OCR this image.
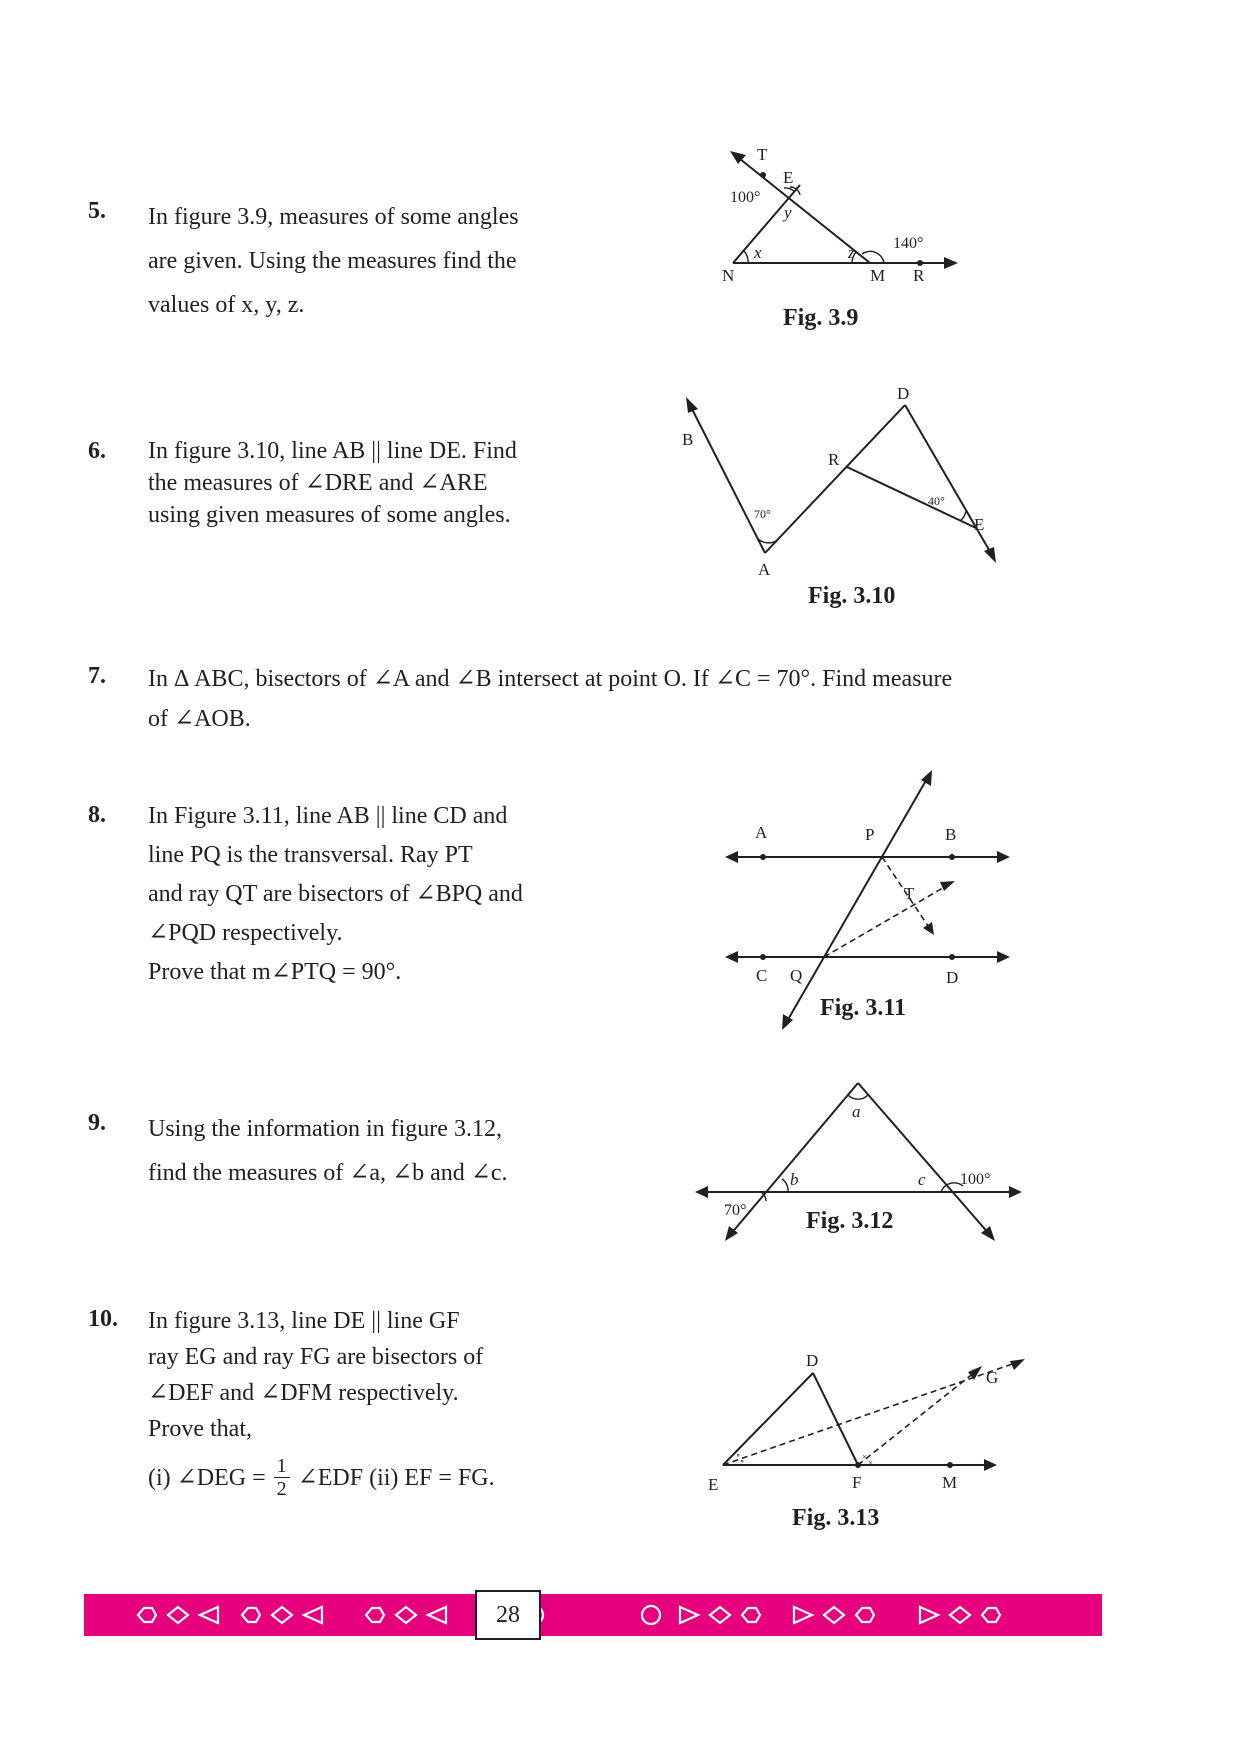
5. In figure 3.9, measures of some angles
are given. Using the measures find the
values of x, y, z.
T
E
100°
y
x	z 140°
N	M R
Fig. 3.9
6. In figure 3.10, line AB || line DE. Find
the measures of ∠DRE and ∠ARE
using given measures of some angles.
B
D
R
70°
40°
E
A
Fig. 3.10
7. In Δ ABC, bisectors of ∠A and ∠B intersect at point O. If ∠C = 70°. Find measure
of ∠AOB.
8. In Figure 3.11, line AB || line CD and
line PQ is the transversal. Ray PT
and ray QT are bisectors of ∠BPQ and
∠PQD respectively.
Prove that m∠PTQ = 90°.
A	P	B
T
C Q	D
Fig. 3.11
9. Using the information in figure 3.12,
find the measures of ∠a, ∠b and ∠c.
a
b	c 100°
70° Fig. 3.12
10. In figure 3.13, line DE || line GF
ray EG and ray FG are bisectors of
∠DEF and ∠DFM respectively.
Prove that,
(i) ∠DEG = 1
2 ∠EDF (ii) EF = FG.
∘
∘	×
×
D
G
E	F	M
Fig. 3.13
28
